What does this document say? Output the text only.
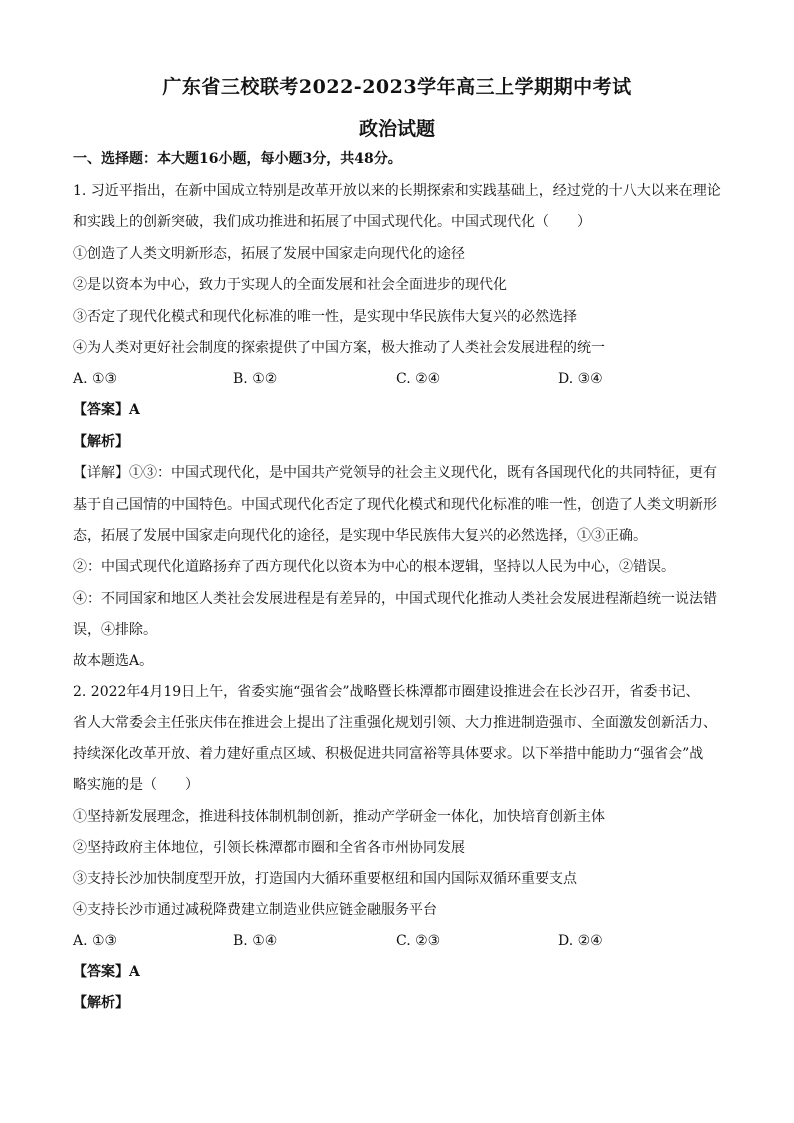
广东省三校联考2022-2023学年高三上学期期中考试
政治试题
一、选择题：本大题16小题，每小题3分，共48分。
1. 习近平指出，在新中国成立特别是改革开放以来的长期探索和实践基础上，经过党的十八大以来在理论
和实践上的创新突破，我们成功推进和拓展了中国式现代化。中国式现代化（　　）
①创造了人类文明新形态，拓展了发展中国家走向现代化的途径
②是以资本为中心，致力于实现人的全面发展和社会全面进步的现代化
③否定了现代化模式和现代化标准的唯一性，是实现中华民族伟大复兴的必然选择
④为人类对更好社会制度的探索提供了中国方案，极大推动了人类社会发展进程的统一
A. ①③	B. ①②	C. ②④	D. ③④
【答案】A
【解析】
【详解】①③：中国式现代化，是中国共产党领导的社会主义现代化，既有各国现代化的共同特征，更有
基于自己国情的中国特色。中国式现代化否定了现代化模式和现代化标准的唯一性，创造了人类文明新形
态，拓展了发展中国家走向现代化的途径，是实现中华民族伟大复兴的必然选择，①③正确。
②：中国式现代化道路扬弃了西方现代化以资本为中心的根本逻辑，坚持以人民为中心，②错误。
④：不同国家和地区人类社会发展进程是有差异的，中国式现代化推动人类社会发展进程渐趋统一说法错
误，④排除。
故本题选A。
2. 2022年4月19日上午，省委实施“强省会”战略暨长株潭都市圈建设推进会在长沙召开，省委书记、
省人大常委会主任张庆伟在推进会上提出了注重强化规划引领、大力推进制造强市、全面激发创新活力、
持续深化改革开放、着力建好重点区域、积极促进共同富裕等具体要求。以下举措中能助力“强省会”战
略实施的是（　　）
①坚持新发展理念，推进科技体制机制创新，推动产学研金一体化，加快培育创新主体
②坚持政府主体地位，引领长株潭都市圈和全省各市州协同发展
③支持长沙加快制度型开放，打造国内大循环重要枢纽和国内国际双循环重要支点
④支持长沙市通过减税降费建立制造业供应链金融服务平台
A. ①③	B. ①④	C. ②③	D. ②④
【答案】A
【解析】
